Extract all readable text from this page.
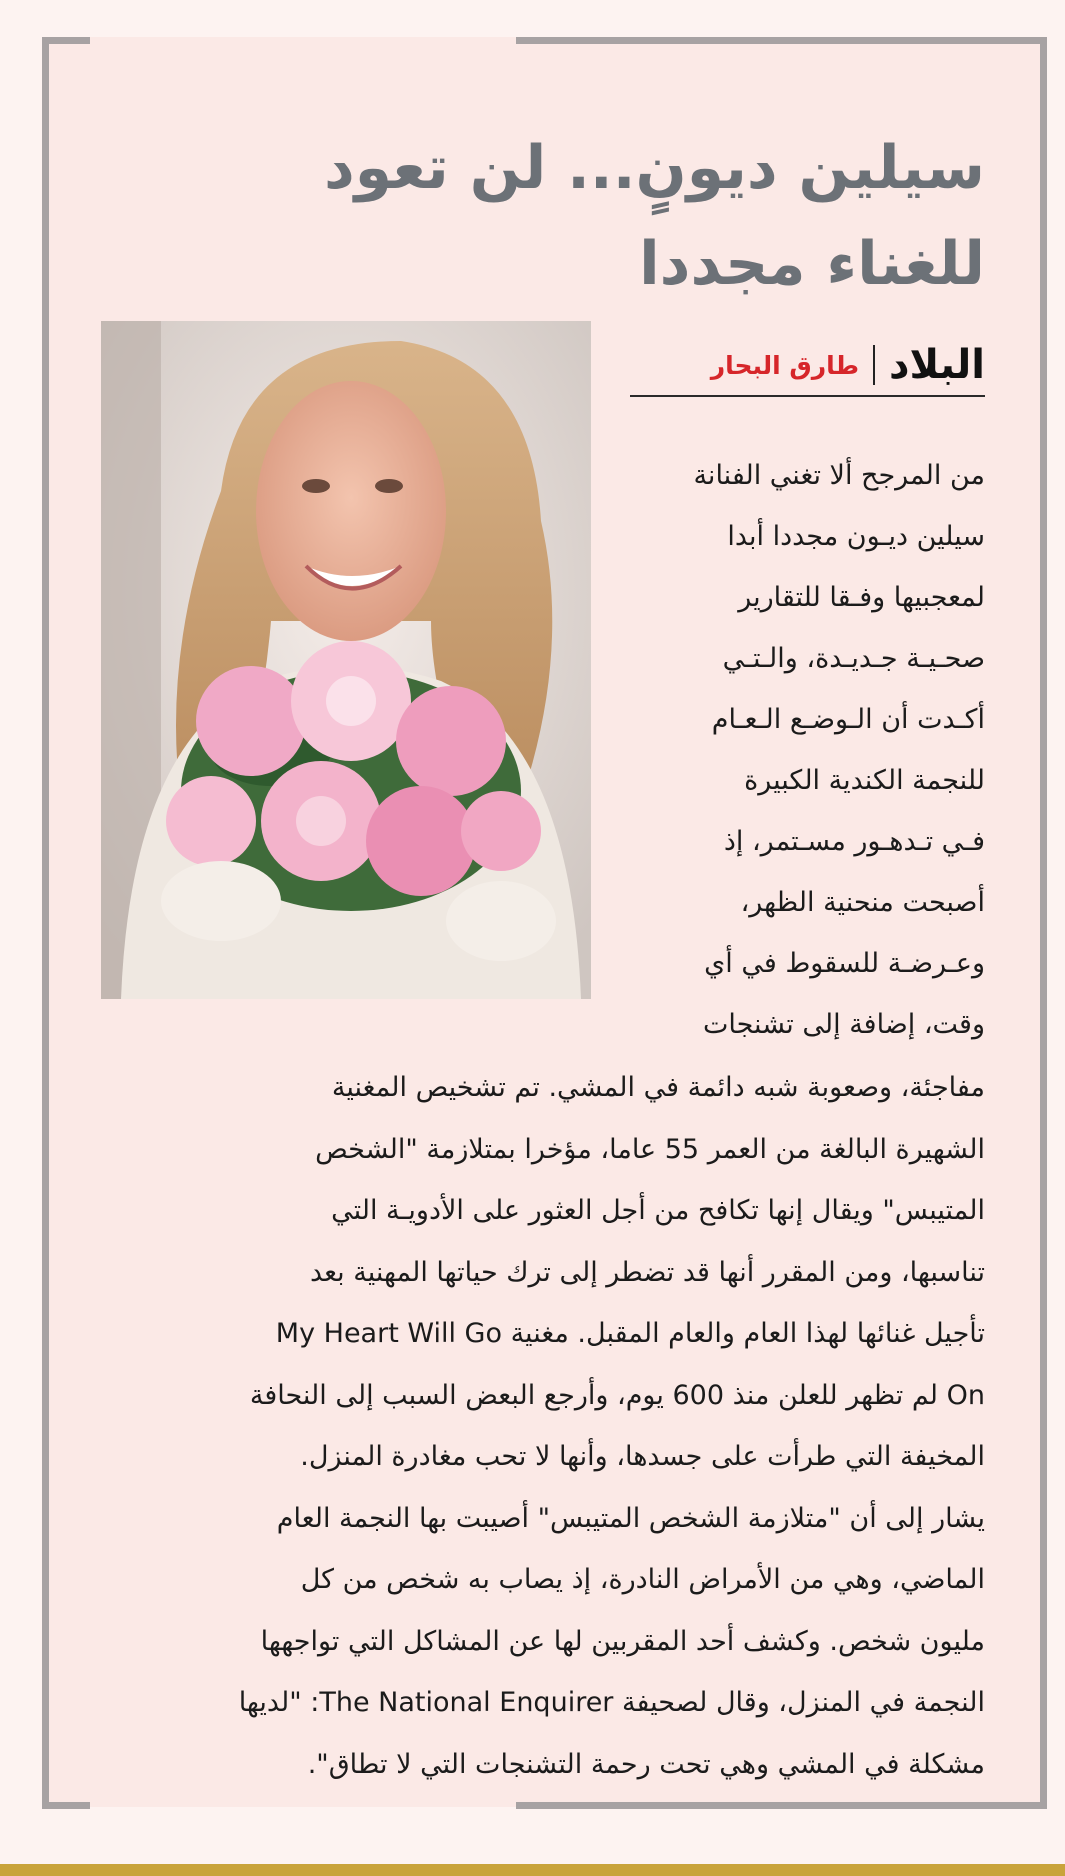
سيلين ديونٍ... لن تعود
للغناء مجددا
البلاد
طارق البحار
من المرجح ألا تغني الفنانة
سيلين ديـون مجددا أبدا
لمعجبيها وفـقا للتقارير
صحـيـة جـديـدة، والـتـي
أكـدت أن الـوضـع الـعـام
للنجمة الكندية الكبيرة
فـي تـدهـور مسـتمر، إذ
أصبحت منحنية الظهر،
وعـرضـة للسقوط في أي
وقت، إضافة إلى تشنجات
مفاجئة، وصعوبة شبه دائمة في المشي. تم تشخيص المغنية
الشهيرة البالغة من العمر 55 عاما، مؤخرا بمتلازمة "الشخص
المتيبس" ويقال إنها تكافح من أجل العثور على الأدويـة التي
تناسبها، ومن المقرر أنها قد تضطر إلى ترك حياتها المهنية بعد
تأجيل غنائها لهذا العام والعام المقبل. مغنية My Heart Will Go
On لم تظهر للعلن منذ 600 يوم، وأرجع البعض السبب إلى النحافة
المخيفة التي طرأت على جسدها، وأنها لا تحب مغادرة المنزل.
يشار إلى أن "متلازمة الشخص المتيبس" أصيبت بها النجمة العام
الماضي، وهي من الأمراض النادرة، إذ يصاب به شخص من كل
مليون شخص. وكشف أحد المقربين لها عن المشاكل التي تواجهها
النجمة في المنزل، وقال لصحيفة The National Enquirer: "لديها
مشكلة في المشي وهي تحت رحمة التشنجات التي لا تطاق".
